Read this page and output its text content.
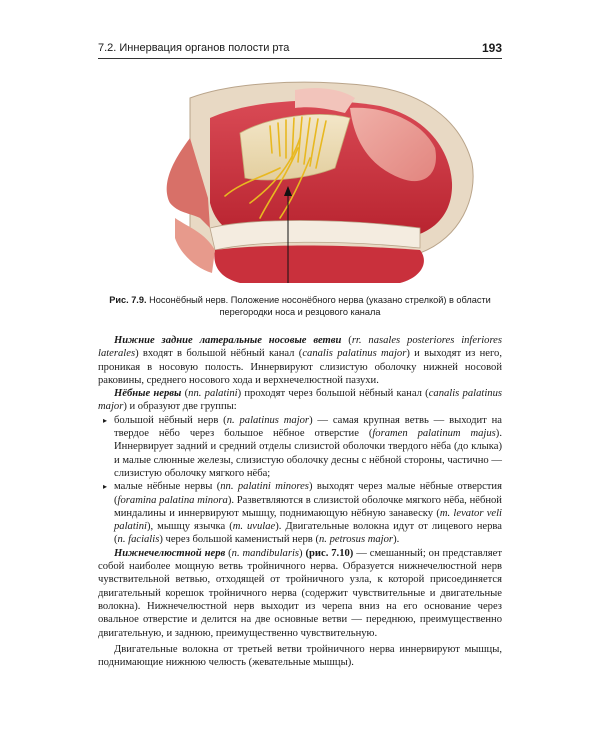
7.2. Иннервация органов полости рта	193
Рис. 7.9. Носонёбный нерв. Положение носонёбного нерва (указано стрелкой) в области перегородки носа и резцового канала

Нижние задние латеральные носовые ветви (rr. nasales posteriores inferiores laterales) входят в большой нёбный канал (canalis palatinus major) и выходят из него, проникая в носовую полость. Иннервируют слизистую оболочку нижней носовой раковины, среднего носового хода и верхнечелюстной пазухи.

Нёбные нервы (nn. palatini) проходят через большой нёбный канал (canalis palatinus major) и образуют две группы:

▸ большой нёбный нерв (n. palatinus major) — самая крупная ветвь — выходит на твердое нёбо через большое нёбное отверстие (foramen palatinum majus). Иннервирует задний и средний отделы слизистой оболочки твердого нёба (до клыка) и малые слюнные железы, слизистую оболочку десны с нёбной стороны, частично — слизистую оболочку мягкого нёба;
▸ малые нёбные нервы (nn. palatini minores) выходят через малые нёбные отверстия (foramina palatina minora). Разветвляются в слизистой оболочке мягкого нёба, нёбной миндалины и иннервируют мышцу, поднимающую нёбную занавеску (m. levator veli palatini), мышцу язычка (m. uvulae). Двигательные волокна идут от лицевого нерва (n. facialis) через большой каменистый нерв (n. petrosus major).

Нижнечелюстной нерв (n. mandibularis) (рис. 7.10) — смешанный; он представляет собой наиболее мощную ветвь тройничного нерва. Образуется нижнечелюстной нерв чувствительной ветвью, отходящей от тройничного узла, к которой присоединяется двигательный корешок тройничного нерва (содержит чувствительные и двигательные волокна). Нижнечелюстной нерв выходит из черепа вниз на его основание через овальное отверстие и делится на две основные ветви — переднюю, преимущественно двигательную, и заднюю, преимущественно чувствительную.

Двигательные волокна от третьей ветви тройничного нерва иннервируют мышцы, поднимающие нижнюю челюсть (жевательные мышцы).
